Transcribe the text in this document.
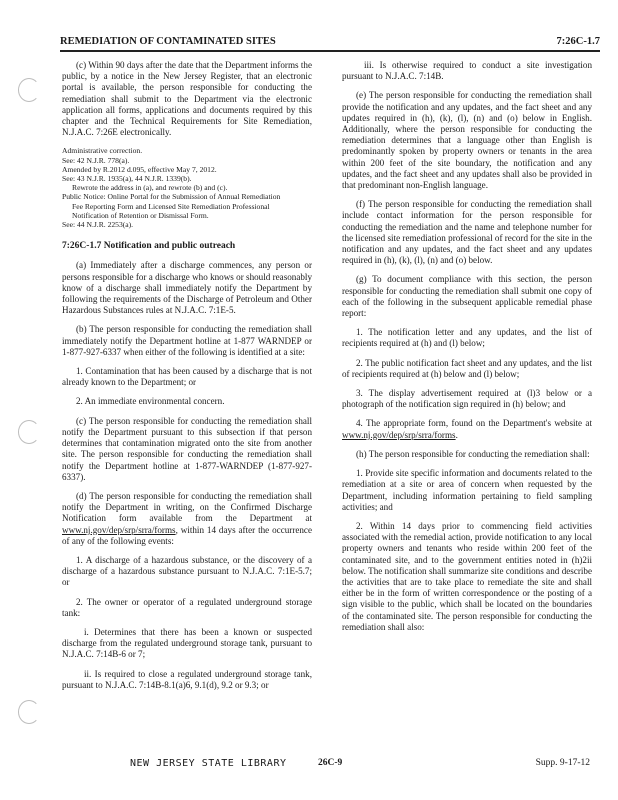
REMEDIATION OF CONTAMINATED SITES	7:26C-1.7

(c) Within 90 days after the date that the Department informs the public, by a notice in the New Jersey Register, that an electronic portal is available, the person responsible for conducting the remediation shall submit to the Department via the electronic application all forms, applications and documents required by this chapter and the Technical Requirements for Site Remediation, N.J.A.C. 7:26E electronically.

Administrative correction.
See: 42 N.J.R. 778(a).
Amended by R.2012 d.095, effective May 7, 2012.
See: 43 N.J.R. 1935(a), 44 N.J.R. 1339(b).
Rewrote the address in (a), and rewrote (b) and (c).
Public Notice: Online Portal for the Submission of Annual Remediation
Fee Reporting Form and Licensed Site Remediation Professional
Notification of Retention or Dismissal Form.
See: 44 N.J.R. 2253(a).

7:26C-1.7 Notification and public outreach

(a) Immediately after a discharge commences, any person or persons responsible for a discharge who knows or should reasonably know of a discharge shall immediately notify the Department by following the requirements of the Discharge of Petroleum and Other Hazardous Substances rules at N.J.A.C. 7:1E-5.

(b) The person responsible for conducting the remediation shall immediately notify the Department hotline at 1-877 WARNDEP or 1-877-927-6337 when either of the following is identified at a site:

1. Contamination that has been caused by a discharge that is not already known to the Department; or

2. An immediate environmental concern.

(c) The person responsible for conducting the remediation shall notify the Department pursuant to this subsection if that person determines that contamination migrated onto the site from another site. The person responsible for conducting the remediation shall notify the Department hotline at 1-877-WARNDEP (1-877-927-6337).

(d) The person responsible for conducting the remediation shall notify the Department in writing, on the Confirmed Discharge Notification form available from the Department at www.nj.gov/dep/srp/srra/forms, within 14 days after the occurrence of any of the following events:

1. A discharge of a hazardous substance, or the discovery of a discharge of a hazardous substance pursuant to N.J.A.C. 7:1E-5.7; or

2. The owner or operator of a regulated underground storage tank:

i. Determines that there has been a known or suspected discharge from the regulated underground storage tank, pursuant to N.J.A.C. 7:14B-6 or 7;

ii. Is required to close a regulated underground storage tank, pursuant to N.J.A.C. 7:14B-8.1(a)6, 9.1(d), 9.2 or 9.3; or

iii. Is otherwise required to conduct a site investigation pursuant to N.J.A.C. 7:14B.

(e) The person responsible for conducting the remediation shall provide the notification and any updates, and the fact sheet and any updates required in (h), (k), (l), (n) and (o) below in English. Additionally, where the person responsible for conducting the remediation determines that a language other than English is predominantly spoken by property owners or tenants in the area within 200 feet of the site boundary, the notification and any updates, and the fact sheet and any updates shall also be provided in that predominant non-English language.

(f) The person responsible for conducting the remediation shall include contact information for the person responsible for conducting the remediation and the name and telephone number for the licensed site remediation professional of record for the site in the notification and any updates, and the fact sheet and any updates required in (h), (k), (l), (n) and (o) below.

(g) To document compliance with this section, the person responsible for conducting the remediation shall submit one copy of each of the following in the subsequent applicable remedial phase report:

1. The notification letter and any updates, and the list of recipients required at (h) and (l) below;

2. The public notification fact sheet and any updates, and the list of recipients required at (h) below and (l) below;

3. The display advertisement required at (l)3 below or a photograph of the notification sign required in (h) below; and

4. The appropriate form, found on the Department's website at www.nj.gov/dep/srp/srra/forms.

(h) The person responsible for conducting the remediation shall:

1. Provide site specific information and documents related to the remediation at a site or area of concern when requested by the Department, including information pertaining to field sampling activities; and

2. Within 14 days prior to commencing field activities associated with the remedial action, provide notification to any local property owners and tenants who reside within 200 feet of the contaminated site, and to the government entities noted in (h)2ii below. The notification shall summarize site conditions and describe the activities that are to take place to remediate the site and shall either be in the form of written correspondence or the posting of a sign visible to the public, which shall be located on the boundaries of the contaminated site. The person responsible for conducting the remediation shall also:

NEW JERSEY STATE LIBRARY	26C-9	Supp. 9-17-12
